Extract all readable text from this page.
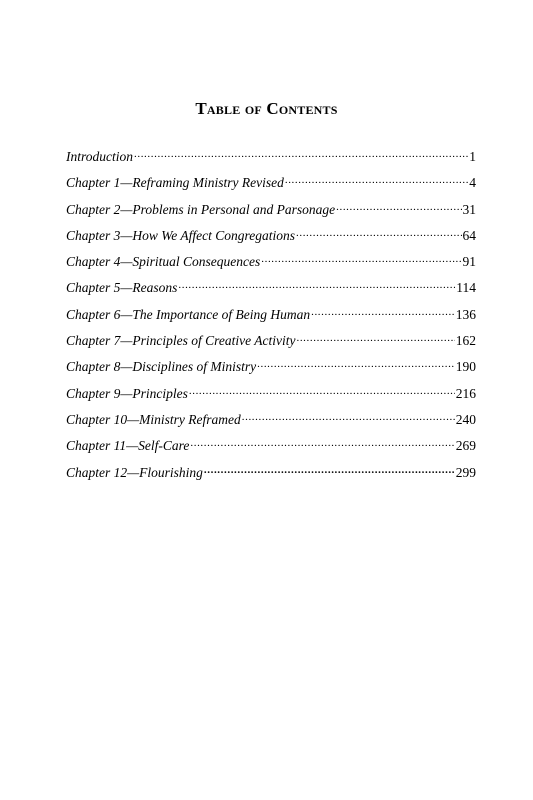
Table of Contents
Introduction .....	1
Chapter 1—Reframing Ministry Revised .....	4
Chapter 2—Problems in Personal and Parsonage .....	31
Chapter 3—How We Affect Congregations .....	64
Chapter 4—Spiritual Consequences .....	91
Chapter 5—Reasons .....	114
Chapter 6—The Importance of Being Human .....	136
Chapter 7—Principles of Creative Activity .....	162
Chapter 8—Disciplines of Ministry .....	190
Chapter 9—Principles .....	216
Chapter 10—Ministry Reframed .....	240
Chapter 11—Self-Care .....	269
Chapter 12—Flourishing .....	299
